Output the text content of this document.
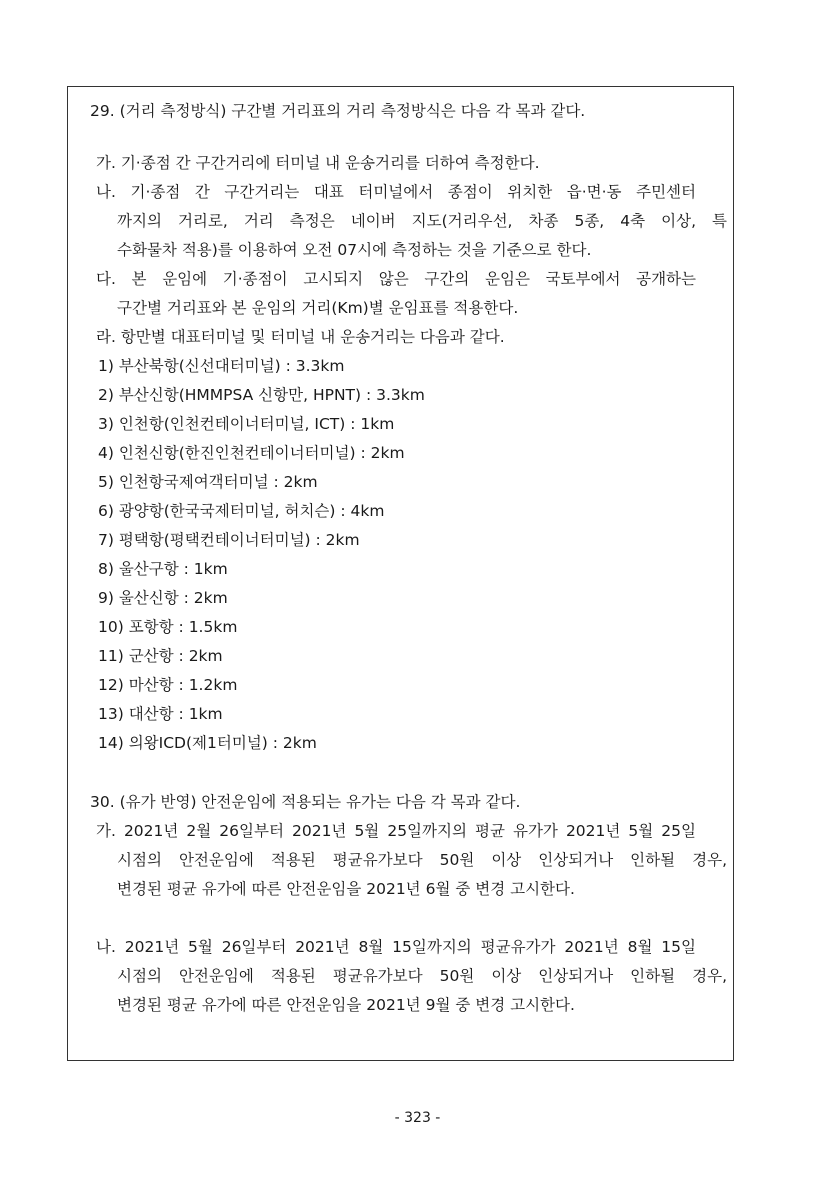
29. (거리 측정방식) 구간별 거리표의 거리 측정방식은 다음 각 목과 같다.
가. 기·종점 간 구간거리에 터미널 내 운송거리를 더하여 측정한다.
나. 기·종점 간 구간거리는 대표 터미널에서 종점이 위치한 읍·면·동 주민센터
까지의 거리로, 거리 측정은 네이버 지도(거리우선, 차종 5종, 4축 이상, 특
수화물차 적용)를 이용하여 오전 07시에 측정하는 것을 기준으로 한다.
다. 본 운임에 기·종점이 고시되지 않은 구간의 운임은 국토부에서 공개하는
구간별 거리표와 본 운임의 거리(Km)별 운임표를 적용한다.
라. 항만별 대표터미널 및 터미널 내 운송거리는 다음과 같다.
1) 부산북항(신선대터미널) : 3.3km
2) 부산신항(HMMPSA 신항만, HPNT) : 3.3km
3) 인천항(인천컨테이너터미널, ICT) : 1km
4) 인천신항(한진인천컨테이너터미널) : 2km
5) 인천항국제여객터미널 : 2km
6) 광양항(한국국제터미널, 허치슨) : 4km
7) 평택항(평택컨테이너터미널) : 2km
8) 울산구항 : 1km
9) 울산신항 : 2km
10) 포항항 : 1.5km
11) 군산항 : 2km
12) 마산항 : 1.2km
13) 대산항 : 1km
14) 의왕ICD(제1터미널) : 2km
30. (유가 반영) 안전운임에 적용되는 유가는 다음 각 목과 같다.
가. 2021년 2월 26일부터 2021년 5월 25일까지의 평균 유가가 2021년 5월 25일
시점의 안전운임에 적용된 평균유가보다 50원 이상 인상되거나 인하될 경우,
변경된 평균 유가에 따른 안전운임을 2021년 6월 중 변경 고시한다.
나. 2021년 5월 26일부터 2021년 8월 15일까지의 평균유가가 2021년 8월 15일
시점의 안전운임에 적용된 평균유가보다 50원 이상 인상되거나 인하될 경우,
변경된 평균 유가에 따른 안전운임을 2021년 9월 중 변경 고시한다.
- 323 -
